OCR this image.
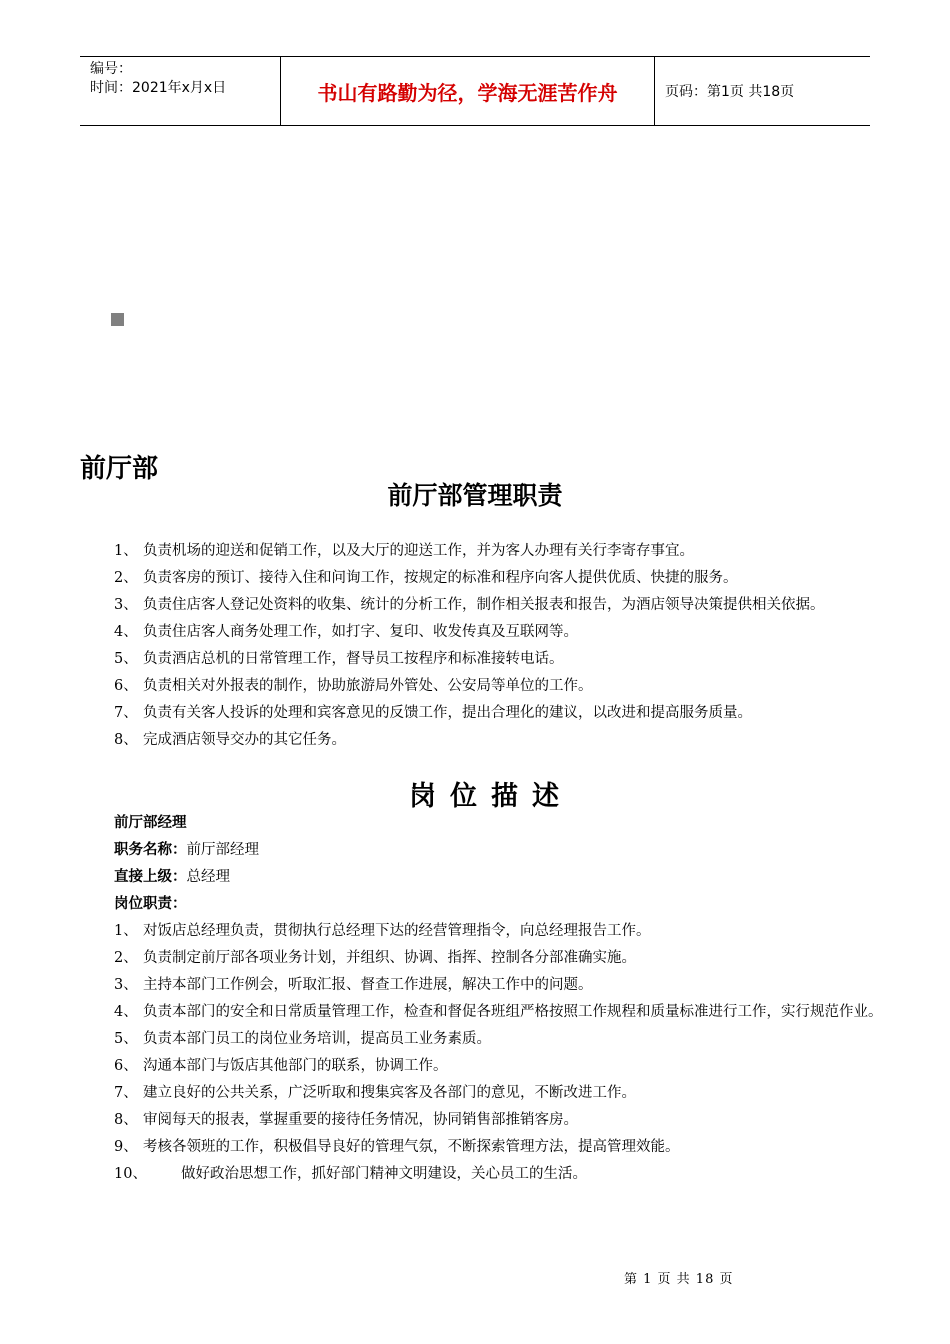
编号：
时间：2021年x月x日	书山有路勤为径，学海无涯苦作舟	页码：第1页 共18页
前厅部
前厅部管理职责
1、 负责机场的迎送和促销工作，以及大厅的迎送工作，并为客人办理有关行李寄存事宜。
2、 负责客房的预订、接待入住和问询工作，按规定的标准和程序向客人提供优质、快捷的服务。
3、 负责住店客人登记处资料的收集、统计的分析工作，制作相关报表和报告，为酒店领导决策提供相关依据。
4、 负责住店客人商务处理工作，如打字、复印、收发传真及互联网等。
5、 负责酒店总机的日常管理工作，督导员工按程序和标准接转电话。
6、 负责相关对外报表的制作，协助旅游局外管处、公安局等单位的工作。
7、 负责有关客人投诉的处理和宾客意见的反馈工作，提出合理化的建议，以改进和提高服务质量。
8、 完成酒店领导交办的其它任务。
岗位描述
前厅部经理
职务名称：前厅部经理
直接上级：总经理
岗位职责：
1、 对饭店总经理负责，贯彻执行总经理下达的经营管理指令，向总经理报告工作。
2、 负责制定前厅部各项业务计划，并组织、协调、指挥、控制各分部准确实施。
3、 主持本部门工作例会，听取汇报、督查工作进展，解决工作中的问题。
4、 负责本部门的安全和日常质量管理工作，检查和督促各班组严格按照工作规程和质量标准进行工作，实行规范作业。
5、 负责本部门员工的岗位业务培训，提高员工业务素质。
6、 沟通本部门与饭店其他部门的联系，协调工作。
7、 建立良好的公共关系，广泛听取和搜集宾客及各部门的意见，不断改进工作。
8、 审阅每天的报表，掌握重要的接待任务情况，协同销售部推销客房。
9、 考核各领班的工作，积极倡导良好的管理气氛，不断探索管理方法，提高管理效能。
10、 做好政治思想工作，抓好部门精神文明建设，关心员工的生活。
第 1 页 共 18 页
